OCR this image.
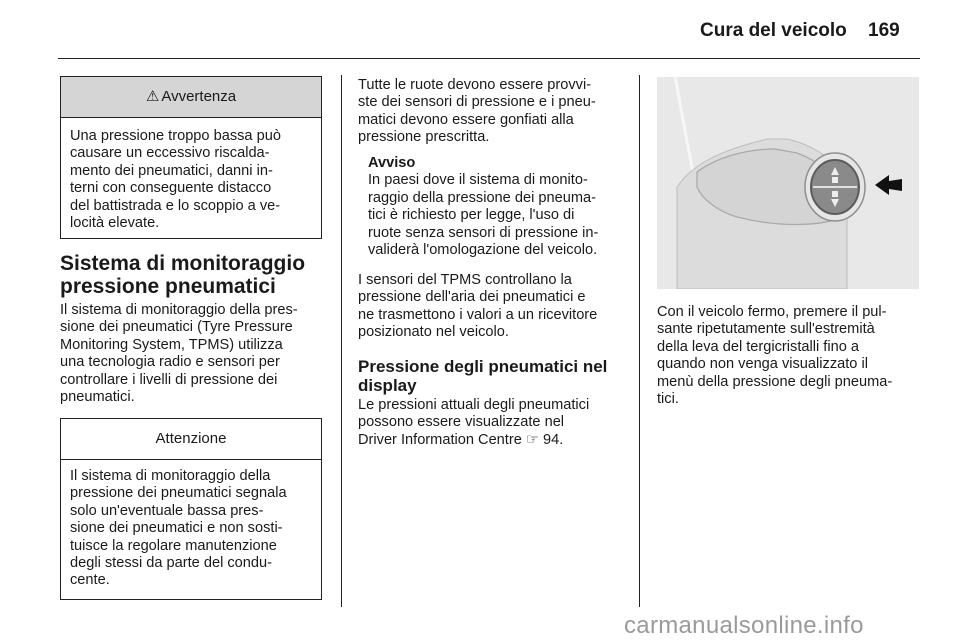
Cura del veicolo 169
⚠ Avvertenza
Una pressione troppo bassa può
causare un eccessivo riscalda-
mento dei pneumatici, danni in-
terni con conseguente distacco
del battistrada e lo scoppio a ve-
locità elevate.
Sistema di monitoraggio
pressione pneumatici
Il sistema di monitoraggio della pres-
sione dei pneumatici (Tyre Pressure
Monitoring System, TPMS) utilizza
una tecnologia radio e sensori per
controllare i livelli di pressione dei
pneumatici.
Attenzione
Il sistema di monitoraggio della
pressione dei pneumatici segnala
solo un'eventuale bassa pres-
sione dei pneumatici e non sosti-
tuisce la regolare manutenzione
degli stessi da parte del condu-
cente.
Tutte le ruote devono essere provvi-
ste dei sensori di pressione e i pneu-
matici devono essere gonfiati alla
pressione prescritta.
Avviso
In paesi dove il sistema di monito-
raggio della pressione dei pneuma-
tici è richiesto per legge, l'uso di
ruote senza sensori di pressione in-
validerà l'omologazione del veicolo.
I sensori del TPMS controllano la
pressione dell'aria dei pneumatici e
ne trasmettono i valori a un ricevitore
posizionato nel veicolo.
Pressione degli pneumatici nel
display
Le pressioni attuali degli pneumatici
possono essere visualizzate nel
Driver Information Centre ☞ 94.
Con il veicolo fermo, premere il pul-
sante ripetutamente sull'estremità
della leva del tergicristalli fino a
quando non venga visualizzato il
menù della pressione degli pneuma-
tici.
carmanualsonline.info
